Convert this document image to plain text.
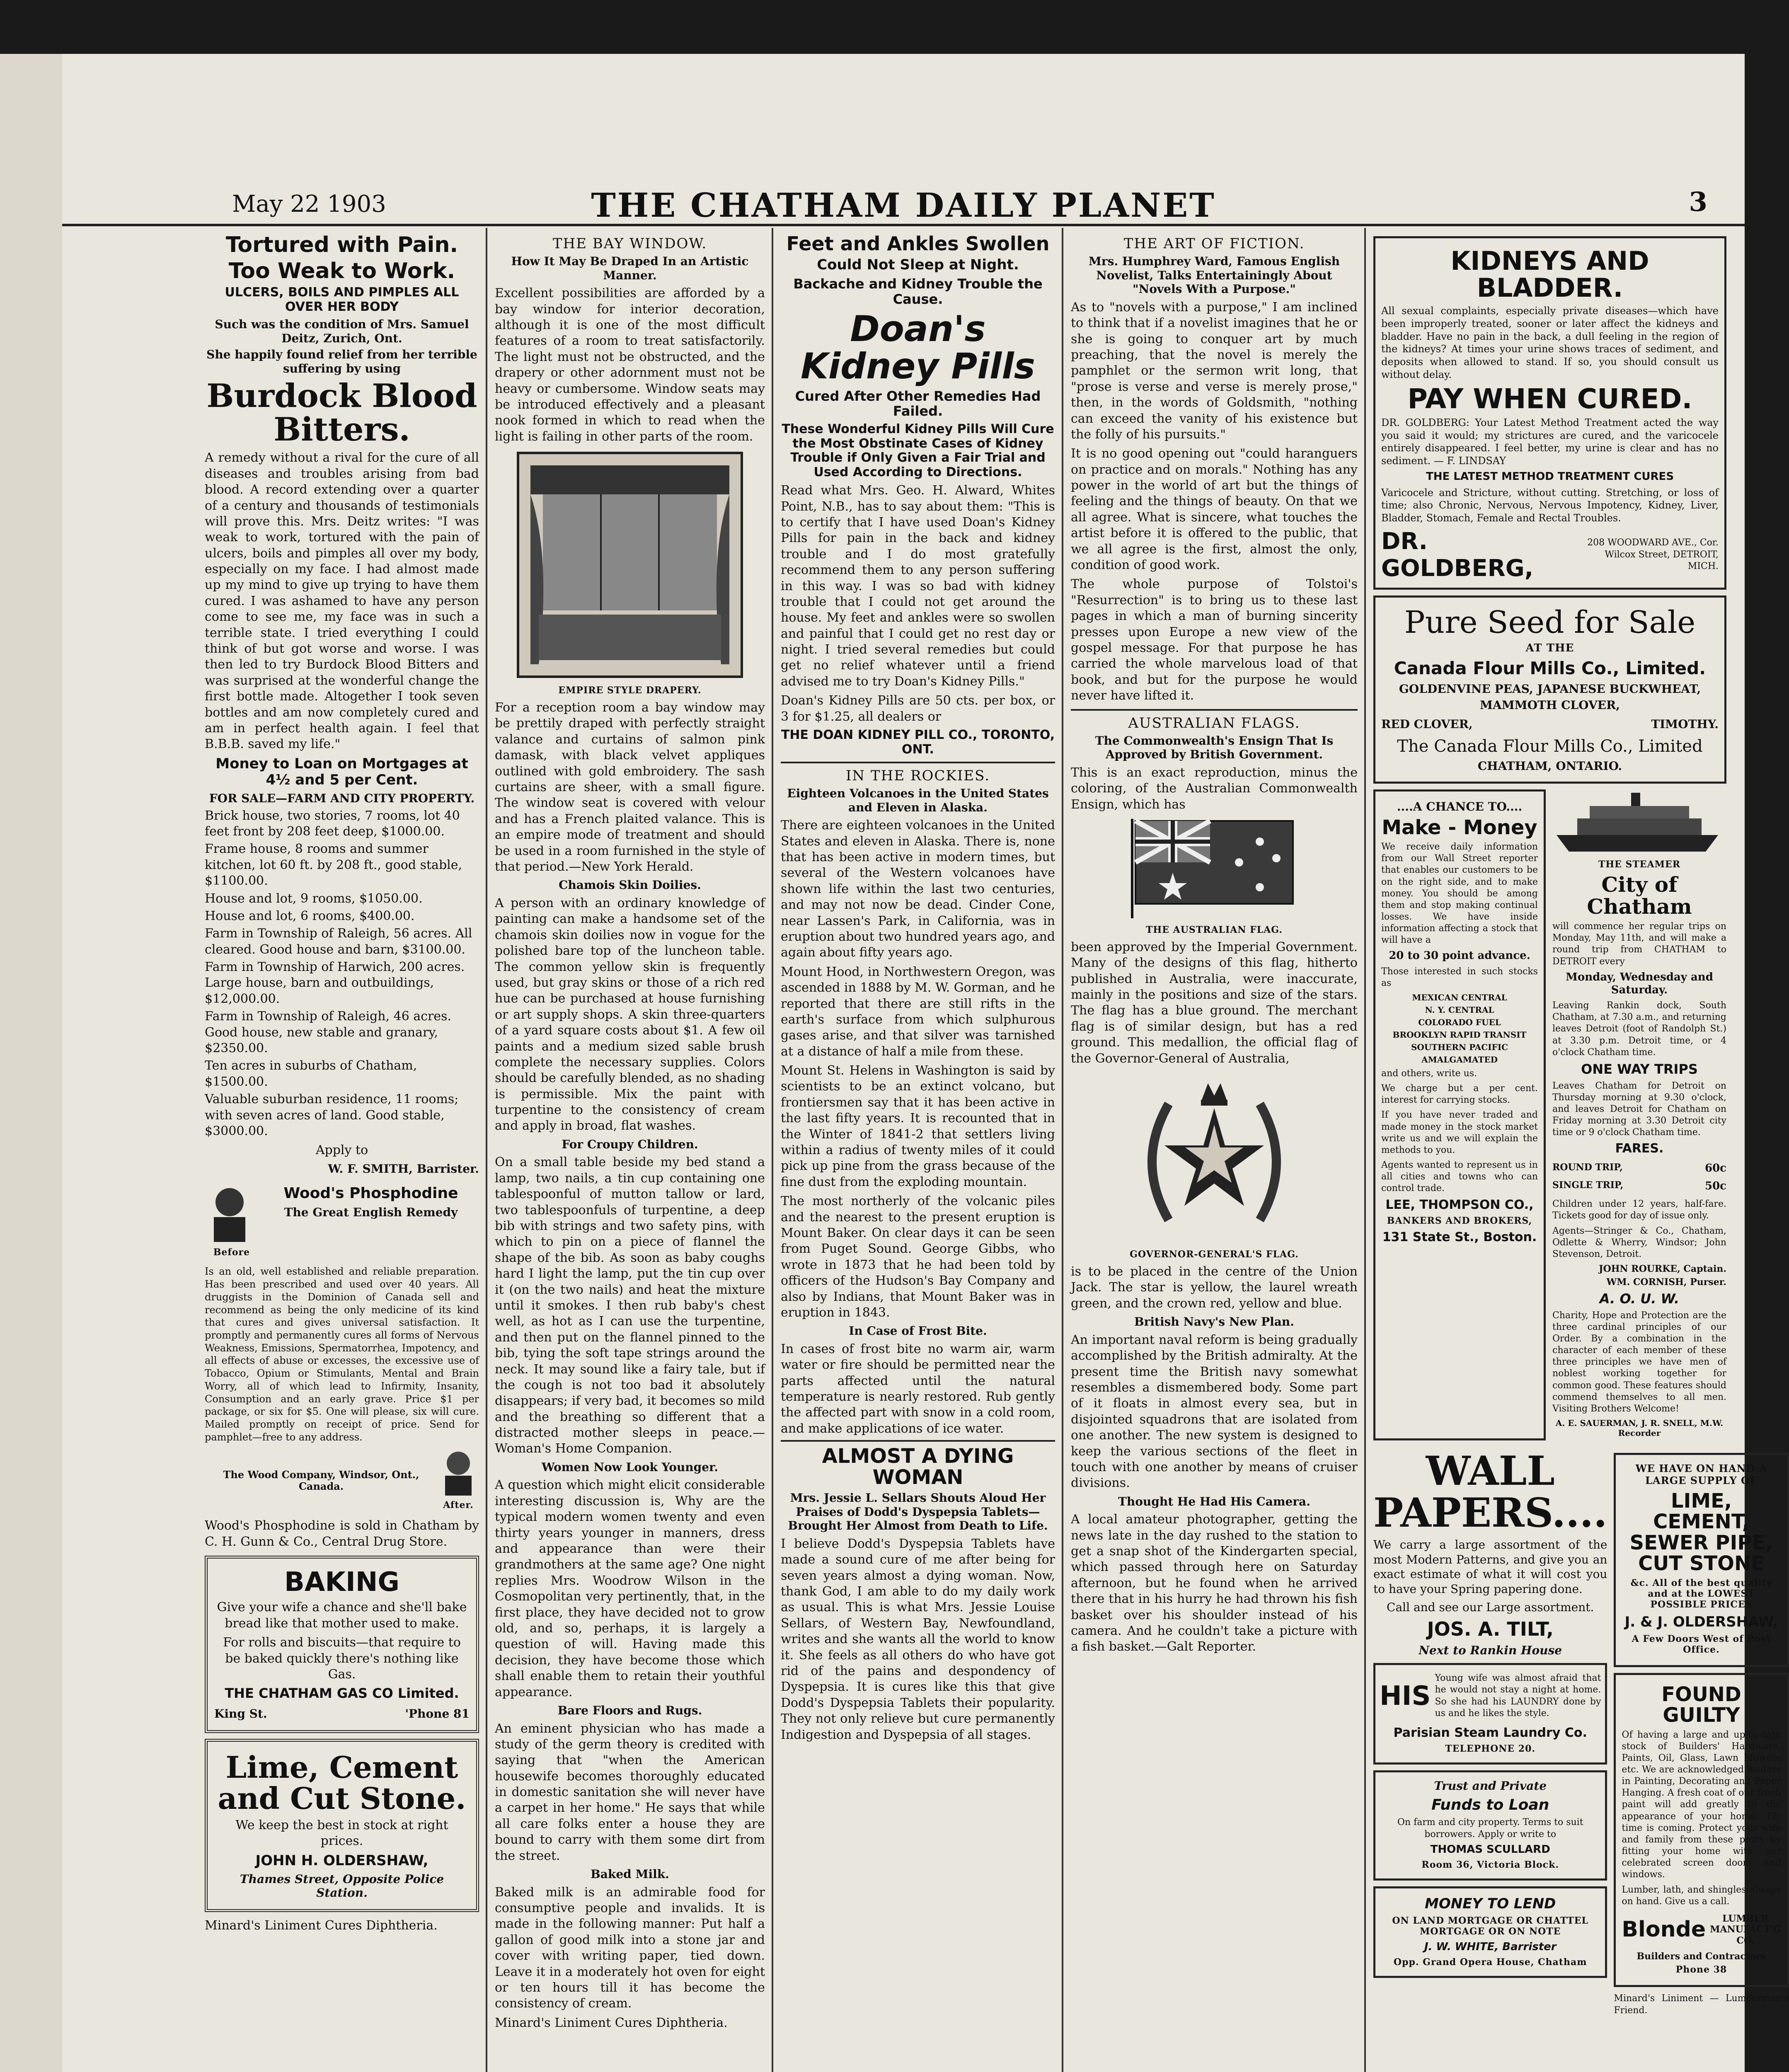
May 22 1903	THE CHATHAM DAILY PLANET	3
Tortured with Pain.
Too Weak to Work.
ULCERS, BOILS AND PIMPLES ALL OVER HER BODY
Such was the condition of Mrs. Samuel Deitz, Zurich, Ont.
She happily found relief from her terrible suffering by using
Burdock Blood Bitters.
A remedy without a rival for the cure of all diseases and troubles arising from bad blood. A record extending over a quarter of a century and thousands of testimonials will prove this. Mrs. Deitz writes: "I was weak to work, tortured with the pain of ulcers, boils and pimples all over my body, especially on my face. I had almost made up my mind to give up trying to have them cured. I was ashamed to have any person come to see me, my face was in such a terrible state. I tried everything I could think of but got worse and worse. I was then led to try Burdock Blood Bitters and was surprised at the wonderful change the first bottle made. Altogether I took seven bottles and am now completely cured and am in perfect health again. I feel that B.B.B. saved my life."
Money to Loan on Mortgages at 4½ and 5 per Cent.
FOR SALE—FARM AND CITY PROPERTY.
Brick house, two stories, 7 rooms, lot 40 feet front by 208 feet deep, $1000.00.
Frame house, 8 rooms and summer kitchen, lot 60 ft. by 208 ft., good stable, $1100.00.
House and lot, 9 rooms, $1050.00.
House and lot, 6 rooms, $400.00.
Farm in Township of Raleigh, 56 acres. All cleared. Good house and barn, $3100.00.
Farm in Township of Harwich, 200 acres. Large house, barn and outbuildings, $12,000.00.
Farm in Township of Raleigh, 46 acres. Good house, new stable and granary, $2350.00.
Ten acres in suburbs of Chatham, $1500.00.
Valuable suburban residence, 11 rooms; with seven acres of land. Good stable, $3000.00.
Apply to
W. F. SMITH, Barrister.
Before
Wood's Phosphodine
The Great English Remedy
Is an old, well established and reliable preparation. Has been prescribed and used over 40 years. All druggists in the Dominion of Canada sell and recommend as being the only medicine of its kind that cures and gives universal satisfaction. It promptly and permanently cures all forms of Nervous Weakness, Emissions, Spermatorrhea, Impotency, and all effects of abuse or excesses, the excessive use of Tobacco, Opium or Stimulants, Mental and Brain Worry, all of which lead to Infirmity, Insanity, Consumption and an early grave. Price $1 per package, or six for $5. One will please, six will cure. Mailed promptly on receipt of price. Send for pamphlet—free to any address.
The Wood Company, Windsor, Ont., Canada.
After.
Wood's Phosphodine is sold in Chatham by C. H. Gunn & Co., Central Drug Store.
BAKING
Give your wife a chance and she'll bake bread like that mother used to make.
For rolls and biscuits—that require to be baked quickly there's nothing like Gas.
THE CHATHAM GAS CO Limited.
King St.	'Phone 81
Lime, Cement and Cut Stone.
We keep the best in stock at right prices.
JOHN H. OLDERSHAW,
Thames Street, Opposite Police Station.
Minard's Liniment Cures Diphtheria.
THE BAY WINDOW.
How It May Be Draped In an Artistic Manner.
Excellent possibilities are afforded by a bay window for interior decoration, although it is one of the most difficult features of a room to treat satisfactorily. The light must not be obstructed, and the drapery or other adornment must not be heavy or cumbersome. Window seats may be introduced effectively and a pleasant nook formed in which to read when the light is failing in other parts of the room.
EMPIRE STYLE DRAPERY.
For a reception room a bay window may be prettily draped with perfectly straight valance and curtains of salmon pink damask, with black velvet appliques outlined with gold embroidery. The sash curtains are sheer, with a small figure. The window seat is covered with velour and has a French plaited valance. This is an empire mode of treatment and should be used in a room furnished in the style of that period.—New York Herald.
Chamois Skin Doilies.
A person with an ordinary knowledge of painting can make a handsome set of the chamois skin doilies now in vogue for the polished bare top of the luncheon table. The common yellow skin is frequently used, but gray skins or those of a rich red hue can be purchased at house furnishing or art supply shops. A skin three-quarters of a yard square costs about $1. A few oil paints and a medium sized sable brush complete the necessary supplies. Colors should be carefully blended, as no shading is permissible. Mix the paint with turpentine to the consistency of cream and apply in broad, flat washes.
For Croupy Children.
On a small table beside my bed stand a lamp, two nails, a tin cup containing one tablespoonful of mutton tallow or lard, two tablespoonfuls of turpentine, a deep bib with strings and two safety pins, with which to pin on a piece of flannel the shape of the bib. As soon as baby coughs hard I light the lamp, put the tin cup over it (on the two nails) and heat the mixture until it smokes. I then rub baby's chest well, as hot as I can use the turpentine, and then put on the flannel pinned to the bib, tying the soft tape strings around the neck. It may sound like a fairy tale, but if the cough is not too bad it absolutely disappears; if very bad, it becomes so mild and the breathing so different that a distracted mother sleeps in peace.—Woman's Home Companion.
Women Now Look Younger.
A question which might elicit considerable interesting discussion is, Why are the typical modern women twenty and even thirty years younger in manners, dress and appearance than were their grandmothers at the same age? One night replies Mrs. Woodrow Wilson in the Cosmopolitan very pertinently, that, in the first place, they have decided not to grow old, and so, perhaps, it is largely a question of will. Having made this decision, they have become those which shall enable them to retain their youthful appearance.
Bare Floors and Rugs.
An eminent physician who has made a study of the germ theory is credited with saying that "when the American housewife becomes thoroughly educated in domestic sanitation she will never have a carpet in her home." He says that while all care folks enter a house they are bound to carry with them some dirt from the street.
Baked Milk.
Baked milk is an admirable food for consumptive people and invalids. It is made in the following manner: Put half a gallon of good milk into a stone jar and cover with writing paper, tied down. Leave it in a moderately hot oven for eight or ten hours till it has become the consistency of cream.
Minard's Liniment Cures Diphtheria.
Feet and Ankles Swollen
Could Not Sleep at Night.
Backache and Kidney Trouble the Cause.
Doan's Kidney Pills
Cured After Other Remedies Had Failed.
These Wonderful Kidney Pills Will Cure the Most Obstinate Cases of Kidney Trouble if Only Given a Fair Trial and Used According to Directions.
Read what Mrs. Geo. H. Alward, Whites Point, N.B., has to say about them: "This is to certify that I have used Doan's Kidney Pills for pain in the back and kidney trouble and I do most gratefully recommend them to any person suffering in this way. I was so bad with kidney trouble that I could not get around the house. My feet and ankles were so swollen and painful that I could get no rest day or night. I tried several remedies but could get no relief whatever until a friend advised me to try Doan's Kidney Pills."
Doan's Kidney Pills are 50 cts. per box, or 3 for $1.25, all dealers or
THE DOAN KIDNEY PILL CO., TORONTO, ONT.
IN THE ROCKIES.
Eighteen Volcanoes in the United States and Eleven in Alaska.
There are eighteen volcanoes in the United States and eleven in Alaska. There is, none that has been active in modern times, but several of the Western volcanoes have shown life within the last two centuries, and may not now be dead. Cinder Cone, near Lassen's Park, in California, was in eruption about two hundred years ago, and again about fifty years ago.
Mount Hood, in Northwestern Oregon, was ascended in 1888 by M. W. Gorman, and he reported that there are still rifts in the earth's surface from which sulphurous gases arise, and that silver was tarnished at a distance of half a mile from these.
Mount St. Helens in Washington is said by scientists to be an extinct volcano, but frontiersmen say that it has been active in the last fifty years. It is recounted that in the Winter of 1841-2 that settlers living within a radius of twenty miles of it could pick up pine from the grass because of the fine dust from the exploding mountain.
The most northerly of the volcanic piles and the nearest to the present eruption is Mount Baker. On clear days it can be seen from Puget Sound. George Gibbs, who wrote in 1873 that he had been told by officers of the Hudson's Bay Company and also by Indians, that Mount Baker was in eruption in 1843.
In Case of Frost Bite.
In cases of frost bite no warm air, warm water or fire should be permitted near the parts affected until the natural temperature is nearly restored. Rub gently the affected part with snow in a cold room, and make applications of ice water.
ALMOST A DYING WOMAN
Mrs. Jessie L. Sellars Shouts Aloud Her Praises of Dodd's Dyspepsia Tablets—Brought Her Almost from Death to Life.
I believe Dodd's Dyspepsia Tablets have made a sound cure of me after being for seven years almost a dying woman. Now, thank God, I am able to do my daily work as usual. This is what Mrs. Jessie Louise Sellars, of Western Bay, Newfoundland, writes and she wants all the world to know it. She feels as all others do who have got rid of the pains and despondency of Dyspepsia. It is cures like this that give Dodd's Dyspepsia Tablets their popularity. They not only relieve but cure permanently Indigestion and Dyspepsia of all stages.
THE ART OF FICTION.
Mrs. Humphrey Ward, Famous English Novelist, Talks Entertainingly About "Novels With a Purpose."
As to "novels with a purpose," I am inclined to think that if a novelist imagines that he or she is going to conquer art by much preaching, that the novel is merely the pamphlet or the sermon writ long, that "prose is verse and verse is merely prose," then, in the words of Goldsmith, "nothing can exceed the vanity of his existence but the folly of his pursuits."
It is no good opening out "could haranguers on practice and on morals." Nothing has any power in the world of art but the things of feeling and the things of beauty. On that we all agree. What is sincere, what touches the artist before it is offered to the public, that we all agree is the first, almost the only, condition of good work.
The whole purpose of Tolstoi's "Resurrection" is to bring us to these last pages in which a man of burning sincerity presses upon Europe a new view of the gospel message. For that purpose he has carried the whole marvelous load of that book, and but for the purpose he would never have lifted it.
AUSTRALIAN FLAGS.
The Commonwealth's Ensign That Is Approved by British Government.
This is an exact reproduction, minus the coloring, of the Australian Commonwealth Ensign, which has
THE AUSTRALIAN FLAG.
been approved by the Imperial Government. Many of the designs of this flag, hitherto published in Australia, were inaccurate, mainly in the positions and size of the stars. The flag has a blue ground. The merchant flag is of similar design, but has a red ground. This medallion, the official flag of the Governor-General of Australia,
GOVERNOR-GENERAL'S FLAG.
is to be placed in the centre of the Union Jack. The star is yellow, the laurel wreath green, and the crown red, yellow and blue.
British Navy's New Plan.
An important naval reform is being gradually accomplished by the British admiralty. At the present time the British navy somewhat resembles a dismembered body. Some part of it floats in almost every sea, but in disjointed squadrons that are isolated from one another. The new system is designed to keep the various sections of the fleet in touch with one another by means of cruiser divisions.
Thought He Had His Camera.
A local amateur photographer, getting the news late in the day rushed to the station to get a snap shot of the Kindergarten special, which passed through here on Saturday afternoon, but he found when he arrived there that in his hurry he had thrown his fish basket over his shoulder instead of his camera. And he couldn't take a picture with a fish basket.—Galt Reporter.
KIDNEYS AND BLADDER.
All sexual complaints, especially private diseases—which have been improperly treated, sooner or later affect the kidneys and bladder. Have no pain in the back, a dull feeling in the region of the kidneys? At times your urine shows traces of sediment, and deposits when allowed to stand. If so, you should consult us without delay.
PAY WHEN CURED.
DR. GOLDBERG: Your Latest Method Treatment acted the way you said it would; my strictures are cured, and the varicocele entirely disappeared. I feel better, my urine is clear and has no sediment. — F. LINDSAY
THE LATEST METHOD TREATMENT CURES
Varicocele and Stricture, without cutting. Stretching, or loss of time; also Chronic, Nervous, Nervous Impotency, Kidney, Liver, Bladder, Stomach, Female and Rectal Troubles.
DR. GOLDBERG,
208 WOODWARD AVE., Cor. Wilcox Street, DETROIT, MICH.
Pure Seed for Sale
AT THE
Canada Flour Mills Co., Limited.
GOLDENVINE PEAS, JAPANESE BUCKWHEAT,
MAMMOTH CLOVER,
RED CLOVER,	TIMOTHY.
The Canada Flour Mills Co., Limited
CHATHAM, ONTARIO.
....A CHANCE TO....
Make - Money
We receive daily information from our Wall Street reporter that enables our customers to be on the right side, and to make money. You should be among them and stop making continual losses. We have inside information affecting a stock that will have a
20 to 30 point advance.
Those interested in such stocks as
MEXICAN CENTRAL
N. Y. CENTRAL
COLORADO FUEL
BROOKLYN RAPID TRANSIT
SOUTHERN PACIFIC
AMALGAMATED
and others, write us.
We charge but a per cent. interest for carrying stocks.
If you have never traded and made money in the stock market write us and we will explain the methods to you.
Agents wanted to represent us in all cities and towns who can control trade.
LEE, THOMPSON CO.,
BANKERS AND BROKERS,
131 State St., Boston.
THE STEAMER
City of Chatham
will commence her regular trips on Monday, May 11th, and will make a round trip from CHATHAM to DETROIT every
Monday, Wednesday and Saturday.
Leaving Rankin dock, South Chatham, at 7.30 a.m., and returning leaves Detroit (foot of Randolph St.) at 3.30 p.m. Detroit time, or 4 o'clock Chatham time.
ONE WAY TRIPS
Leaves Chatham for Detroit on Thursday morning at 9.30 o'clock, and leaves Detroit for Chatham on Friday morning at 3.30 Detroit city time or 9 o'clock Chatham time.
FARES.
ROUND TRIP,	60c
SINGLE TRIP,	50c
Children under 12 years, half-fare. Tickets good for day of issue only.
Agents—Stringer & Co., Chatham, Odlette & Wherry, Windsor; John Stevenson, Detroit.
JOHN ROURKE, Captain.
WM. CORNISH, Purser.
A. O. U. W.
Charity, Hope and Protection are the three cardinal principles of our Order. By a combination in the character of each member of these three principles we have men of noblest working together for common good. These features should commend themselves to all men. Visiting Brothers Welcome!
A. E. SAUERMAN, J. R. SNELL, M.W. Recorder
WALL PAPERS....
We carry a large assortment of the most Modern Patterns, and give you an exact estimate of what it will cost you to have your Spring papering done.
Call and see our Large assortment.
JOS. A. TILT,
Next to Rankin House
HIS
Young wife was almost afraid that he would not stay a night at home. So she had his LAUNDRY done by us and he likes the style.
Parisian Steam Laundry Co.
TELEPHONE 20.
Trust and Private
Funds to Loan
On farm and city property. Terms to suit borrowers. Apply or write to
THOMAS SCULLARD
Room 36, Victoria Block.
MONEY TO LEND
ON LAND MORTGAGE OR CHATTEL MORTGAGE OR ON NOTE
J. W. WHITE, Barrister
Opp. Grand Opera House, Chatham
WE HAVE ON HAND A LARGE SUPPLY OF
LIME, CEMENT, SEWER PIPE, CUT STONE
&c. All of the best quality and at the LOWEST POSSIBLE PRICES
J. & J. OLDERSHAW,
A Few Doors West of Post Office.
FOUND GUILTY
Of having a large and up-to-date stock of Builders' Hardware, Paints, Oil, Glass, Lawn Mowers etc. We are acknowledged leaders in Painting, Decorating and Paper Hanging. A fresh coat of our fresh paint will add greatly to the appearance of your home. Fly time is coming. Protect your wife and family from these pests by fitting your home with our celebrated screen doors and windows.
Lumber, lath, and shingles always on hand. Give us a call.
Blonde	LUMBER MANUFACT'G CO.
Builders and Contractors
Phone 38
Minard's Liniment — Lumberman's Friend.
